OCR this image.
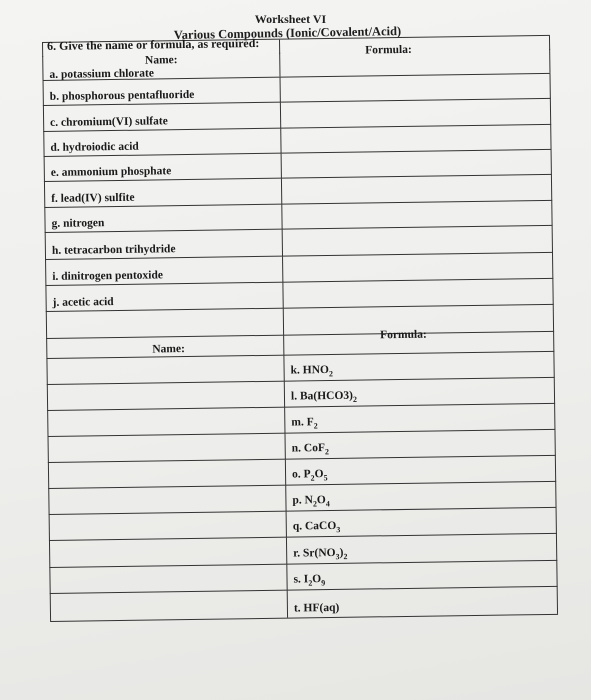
Worksheet VI
Various Compounds (Ionic/Covalent/Acid)
6. Give the name or formula, as required:	Formula:
Name:
a. potassium chlorate
b. phosphorous pentafluoride
c. chromium(VI) sulfate
d. hydroiodic acid
e. ammonium phosphate
f. lead(IV) sulfite
g. nitrogen
h. tetracarbon trihydride
i. dinitrogen pentoxide
j. acetic acid
Name:
Formula:
k. $HNO_2$
l. $Ba(HCO3)_2$
m. $F_2$
n. CoF$_2$
o. $P_2O_5$
p. $N_2O_4$
q. CaCO$_3$
r. $Sr(NO_3)_2$
s. $I_2O_9$
t. HF(aq)
